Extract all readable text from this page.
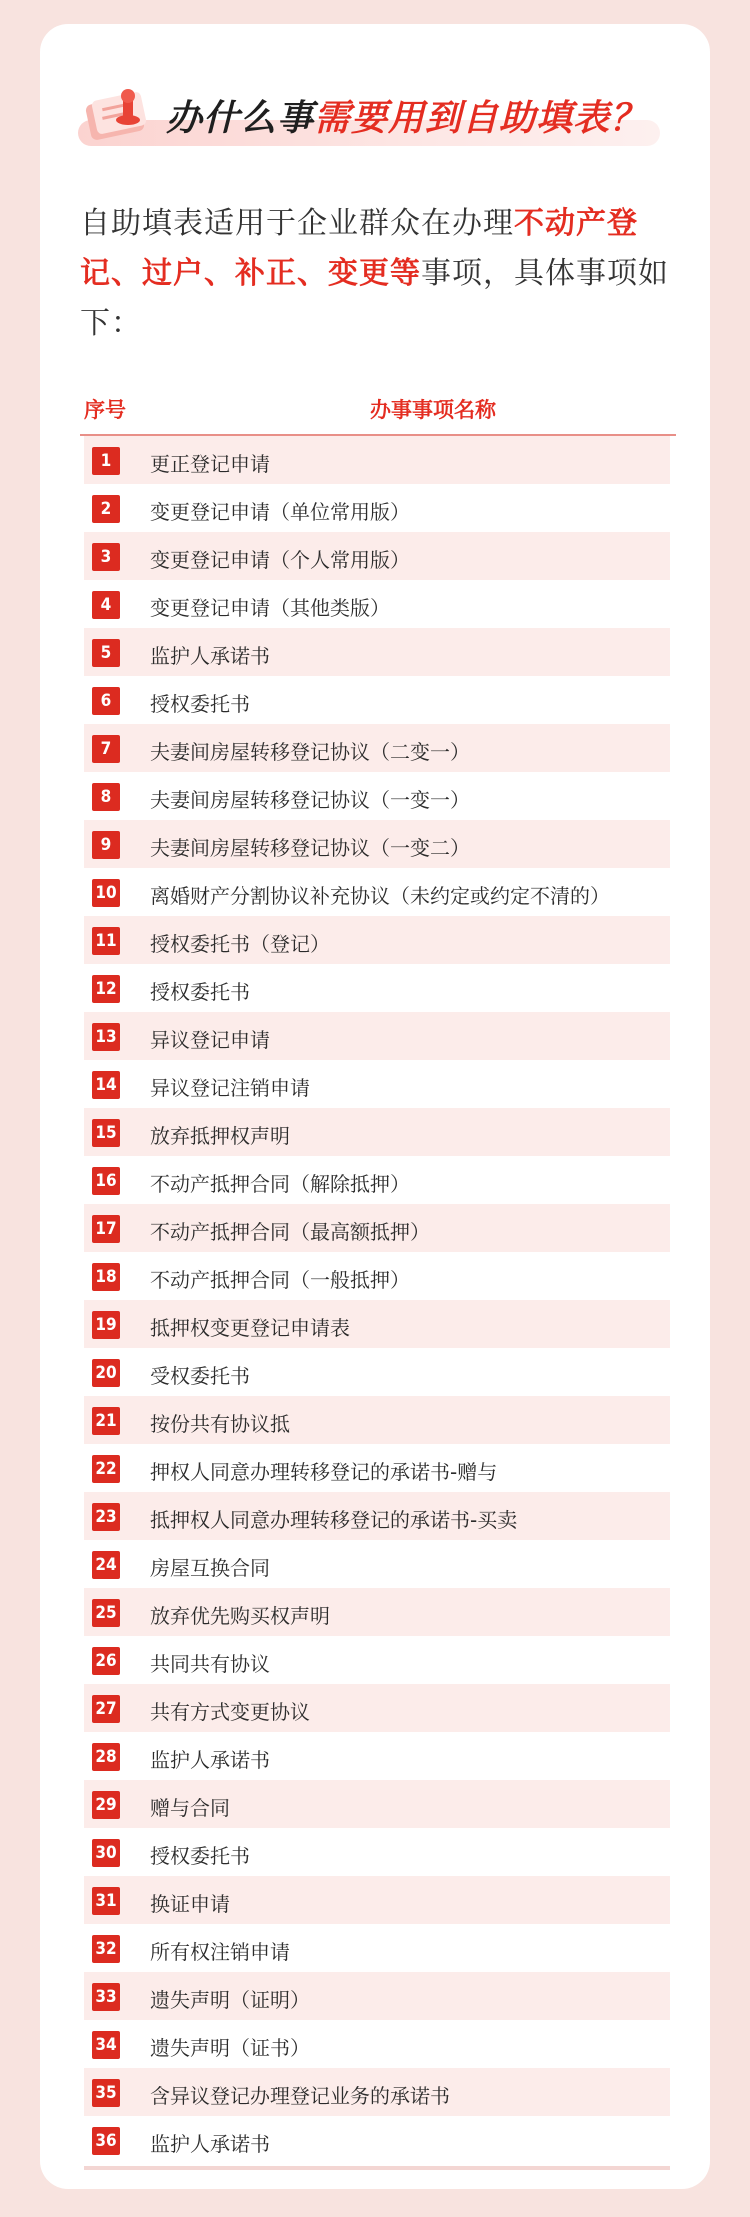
办什么事需要用到自助填表？
自助填表适用于企业群众在办理不动产登记、过户、补正、变更等事项，具体事项如下：
序号	办事事项名称
1	更正登记申请
2	变更登记申请（单位常用版）
3	变更登记申请（个人常用版）
4	变更登记申请（其他类版）
5	监护人承诺书
6	授权委托书
7	夫妻间房屋转移登记协议（二变一）
8	夫妻间房屋转移登记协议（一变一）
9	夫妻间房屋转移登记协议（一变二）
10 离婚财产分割协议补充协议（未约定或约定不清的）
11 授权委托书（登记）
12 授权委托书
13 异议登记申请
14 异议登记注销申请
15 放弃抵押权声明
16 不动产抵押合同（解除抵押）
17 不动产抵押合同（最高额抵押）
18 不动产抵押合同（一般抵押）
19 抵押权变更登记申请表
20 受权委托书
21 按份共有协议抵
22 押权人同意办理转移登记的承诺书-赠与
23 抵押权人同意办理转移登记的承诺书-买卖
24 房屋互换合同
25 放弃优先购买权声明
26 共同共有协议
27 共有方式变更协议
28 监护人承诺书
29 赠与合同
30 授权委托书
31 换证申请
32 所有权注销申请
33 遗失声明（证明）
34 遗失声明（证书）
35 含异议登记办理登记业务的承诺书
36 监护人承诺书
